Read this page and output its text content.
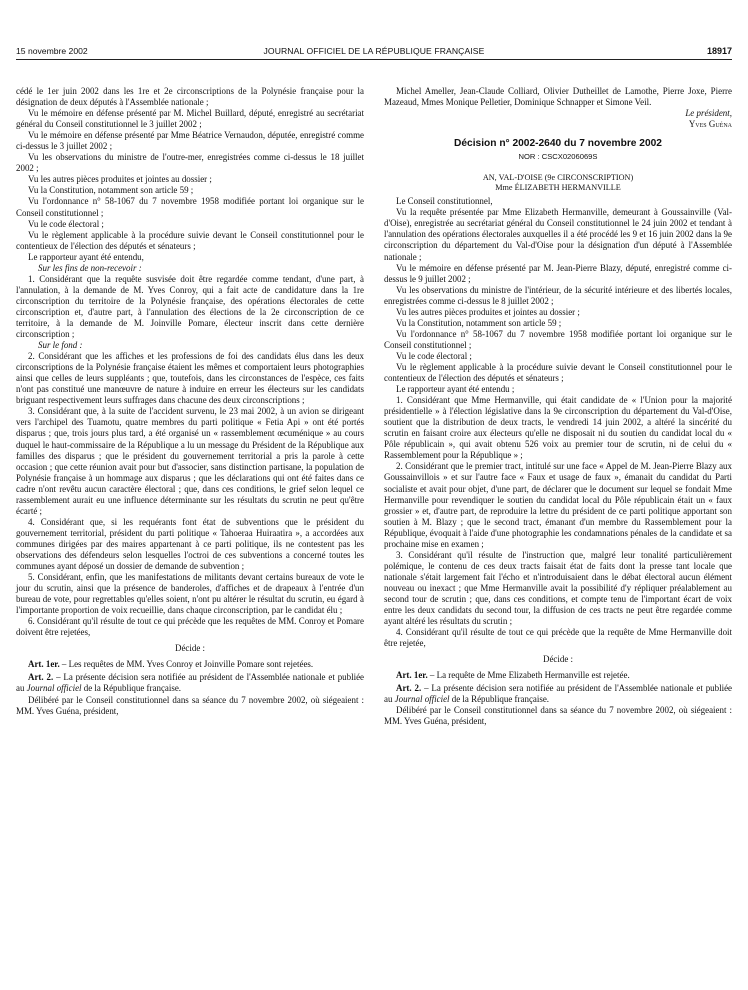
15 novembre 2002	JOURNAL OFFICIEL DE LA RÉPUBLIQUE FRANÇAISE	18917

cédé le 1er juin 2002 dans les 1re et 2e circonscriptions de la Polynésie française pour la désignation de deux députés à l'Assemblée nationale ;

Vu le mémoire en défense présenté par M. Michel Buillard, député, enregistré au secrétariat général du Conseil constitutionnel le 3 juillet 2002 ;

Vu le mémoire en défense présenté par Mme Béatrice Vernaudon, députée, enregistré comme ci-dessus le 3 juillet 2002 ;

Vu les observations du ministre de l'outre-mer, enregistrées comme ci-dessus le 18 juillet 2002 ;

Vu les autres pièces produites et jointes au dossier ;

Vu la Constitution, notamment son article 59 ;

Vu l'ordonnance n° 58-1067 du 7 novembre 1958 modifiée portant loi organique sur le Conseil constitutionnel ;

Vu le code électoral ;

Vu le règlement applicable à la procédure suivie devant le Conseil constitutionnel pour le contentieux de l'élection des députés et sénateurs ;

Le rapporteur ayant été entendu,

Sur les fins de non-recevoir :

1. Considérant que la requête susvisée doit être regardée comme tendant, d'une part, à l'annulation, à la demande de M. Yves Conroy, qui a fait acte de candidature dans la 1re circonscription du territoire de la Polynésie française, des opérations électorales de cette circonscription et, d'autre part, à l'annulation des élections de la 2e circonscription de ce territoire, à la demande de M. Joinville Pomare, électeur inscrit dans cette dernière circonscription ;

Sur le fond :

2. Considérant que les affiches et les professions de foi des candidats élus dans les deux circonscriptions de la Polynésie française étaient les mêmes et comportaient leurs photographies ainsi que celles de leurs suppléants ; que, toutefois, dans les circonstances de l'espèce, ces faits n'ont pas constitué une manœuvre de nature à induire en erreur les électeurs sur les candidats briguant respectivement leurs suffrages dans chacune des deux circonscriptions ;

3. Considérant que, à la suite de l'accident survenu, le 23 mai 2002, à un avion se dirigeant vers l'archipel des Tuamotu, quatre membres du parti politique « Fetia Api » ont été portés disparus ; que, trois jours plus tard, a été organisé un « rassemblement œcuménique » au cours duquel le haut-commissaire de la République a lu un message du Président de la République aux familles des disparus ; que le président du gouvernement territorial a pris la parole à cette occasion ; que cette réunion avait pour but d'associer, sans distinction partisane, la population de Polynésie française à un hommage aux disparus ; que les déclarations qui ont été faites dans ce cadre n'ont revêtu aucun caractère électoral ; que, dans ces conditions, le grief selon lequel ce rassemblement aurait eu une influence déterminante sur les résultats du scrutin ne peut qu'être écarté ;

4. Considérant que, si les requérants font état de subventions que le président du gouvernement territorial, président du parti politique « Tahoeraa Huiraatira », a accordées aux communes dirigées par des maires appartenant à ce parti politique, ils ne contestent pas les observations des défendeurs selon lesquelles l'octroi de ces subventions a concerné toutes les communes ayant déposé un dossier de demande de subvention ;

5. Considérant, enfin, que les manifestations de militants devant certains bureaux de vote le jour du scrutin, ainsi que la présence de banderoles, d'affiches et de drapeaux à l'entrée d'un bureau de vote, pour regrettables qu'elles soient, n'ont pu altérer le résultat du scrutin, eu égard à l'importante proportion de voix recueillie, dans chaque circonscription, par le candidat élu ;

6. Considérant qu'il résulte de tout ce qui précède que les requêtes de MM. Conroy et Pomare doivent être rejetées,

Décide :

Art. 1er. – Les requêtes de MM. Yves Conroy et Joinville Pomare sont rejetées.

Art. 2. – La présente décision sera notifiée au président de l'Assemblée nationale et publiée au Journal officiel de la République française.

Délibéré par le Conseil constitutionnel dans sa séance du 7 novembre 2002, où siégeaient : MM. Yves Guéna, président,

Michel Ameller, Jean-Claude Colliard, Olivier Dutheillet de Lamothe, Pierre Joxe, Pierre Mazeaud, Mmes Monique Pelletier, Dominique Schnapper et Simone Veil.

Le président,

Yves Guéna

Décision n° 2002-2640 du 7 novembre 2002

NOR : CSCX0206069S

AN, VAL-D'OISE (9e CIRCONSCRIPTION)

Mme ÉLIZABETH HERMANVILLE

Le Conseil constitutionnel,

Vu la requête présentée par Mme Elizabeth Hermanville, demeurant à Goussainville (Val-d'Oise), enregistrée au secrétariat général du Conseil constitutionnel le 24 juin 2002 et tendant à l'annulation des opérations électorales auxquelles il a été procédé les 9 et 16 juin 2002 dans la 9e circonscription du département du Val-d'Oise pour la désignation d'un député à l'Assemblée nationale ;

Vu le mémoire en défense présenté par M. Jean-Pierre Blazy, député, enregistré comme ci-dessus le 9 juillet 2002 ;

Vu les observations du ministre de l'intérieur, de la sécurité intérieure et des libertés locales, enregistrées comme ci-dessus le 8 juillet 2002 ;

Vu les autres pièces produites et jointes au dossier ;

Vu la Constitution, notamment son article 59 ;

Vu l'ordonnance n° 58-1067 du 7 novembre 1958 modifiée portant loi organique sur le Conseil constitutionnel ;

Vu le code électoral ;

Vu le règlement applicable à la procédure suivie devant le Conseil constitutionnel pour le contentieux de l'élection des députés et sénateurs ;

Le rapporteur ayant été entendu ;

1. Considérant que Mme Hermanville, qui était candidate de « l'Union pour la majorité présidentielle » à l'élection législative dans la 9e circonscription du département du Val-d'Oise, soutient que la distribution de deux tracts, le vendredi 14 juin 2002, a altéré la sincérité du scrutin en faisant croire aux électeurs qu'elle ne disposait ni du soutien du candidat local du « Pôle républicain », qui avait obtenu 526 voix au premier tour de scrutin, ni de celui du « Rassemblement pour la République » ;

2. Considérant que le premier tract, intitulé sur une face « Appel de M. Jean-Pierre Blazy aux Goussainvillois » et sur l'autre face « Faux et usage de faux », émanait du candidat du Parti socialiste et avait pour objet, d'une part, de déclarer que le document sur lequel se fondait Mme Hermanville pour revendiquer le soutien du candidat local du Pôle républicain était un « faux grossier » et, d'autre part, de reproduire la lettre du président de ce parti politique apportant son soutien à M. Blazy ; que le second tract, émanant d'un membre du Rassemblement pour la République, évoquait à l'aide d'une photographie les condamnations pénales de la candidate et sa prochaine mise en examen ;

3. Considérant qu'il résulte de l'instruction que, malgré leur tonalité particulièrement polémique, le contenu de ces deux tracts faisait état de faits dont la presse tant locale que nationale s'était largement fait l'écho et n'introduisaient dans le débat électoral aucun élément nouveau ou inexact ; que Mme Hermanville avait la possibilité d'y répliquer préalablement au second tour de scrutin ; que, dans ces conditions, et compte tenu de l'important écart de voix entre les deux candidats du second tour, la diffusion de ces tracts ne peut être regardée comme ayant altéré les résultats du scrutin ;

4. Considérant qu'il résulte de tout ce qui précède que la requête de Mme Hermanville doit être rejetée,

Décide :

Art. 1er. – La requête de Mme Elizabeth Hermanville est rejetée.

Art. 2. – La présente décision sera notifiée au président de l'Assemblée nationale et publiée au Journal officiel de la République française.

Délibéré par le Conseil constitutionnel dans sa séance du 7 novembre 2002, où siégeaient : MM. Yves Guéna, président,
